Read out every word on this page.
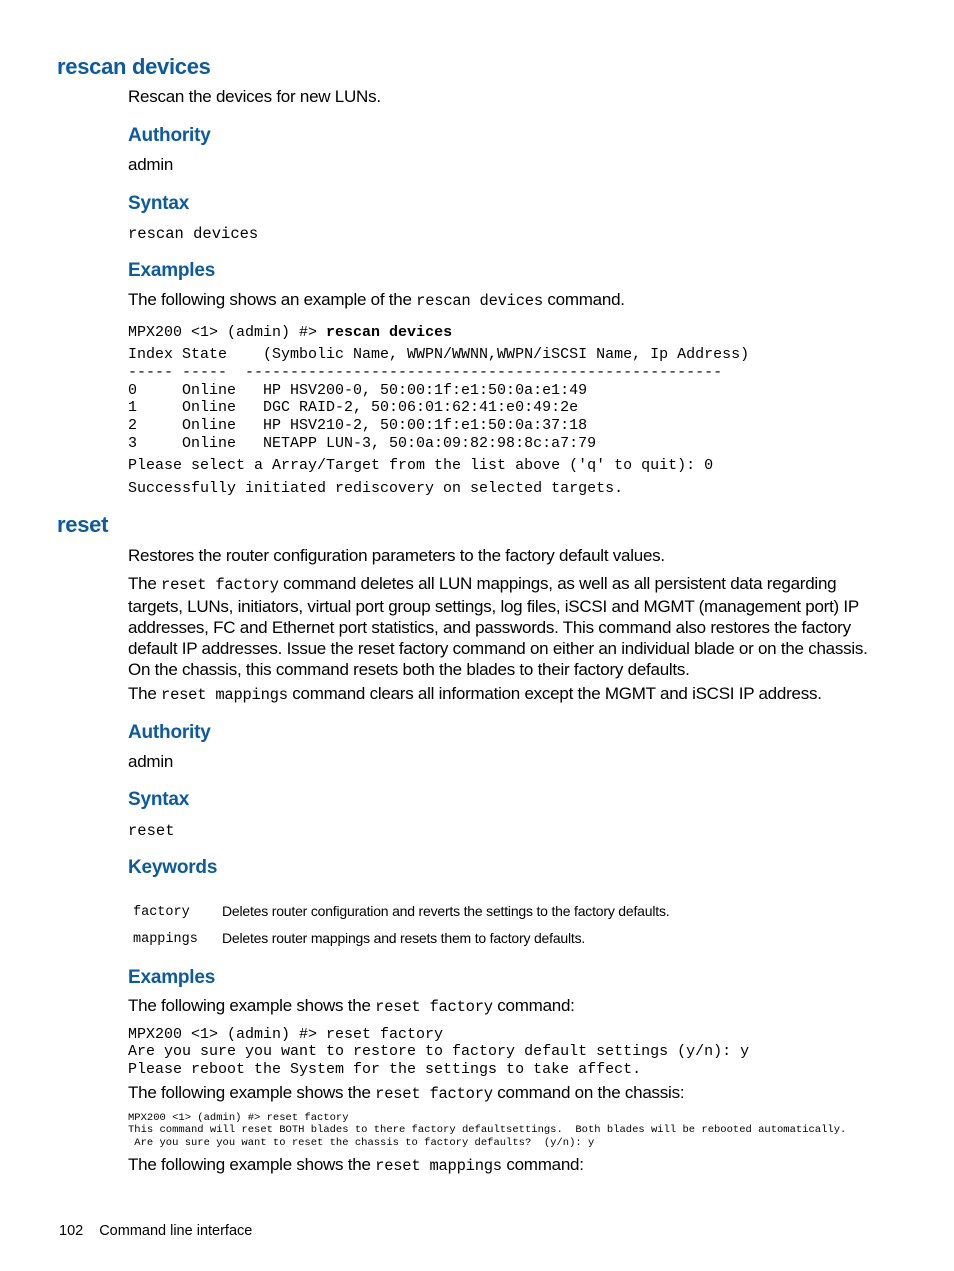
rescan devices

Rescan the devices for new LUNs.

Authority

admin

Syntax

rescan devices

Examples

The following shows an example of the rescan devices command.

MPX200 <1> (admin) #> rescan devices
Index State    (Symbolic Name, WWPN/WWNN,WWPN/iSCSI Name, Ip Address)
----- -----  -----------------------------------------------------
0     Online   HP HSV200-0, 50:00:1f:e1:50:0a:e1:49
1     Online   DGC RAID-2, 50:06:01:62:41:e0:49:2e
2     Online   HP HSV210-2, 50:00:1f:e1:50:0a:37:18
3     Online   NETAPP LUN-3, 50:0a:09:82:98:8c:a7:79
Please select a Array/Target from the list above ('q' to quit): 0
Successfully initiated rediscovery on selected targets.
reset

Restores the router configuration parameters to the factory default values.

The reset factory command deletes all LUN mappings, as well as all persistent data regarding targets, LUNs, initiators, virtual port group settings, log files, iSCSI and MGMT (management port) IP addresses, FC and Ethernet port statistics, and passwords. This command also restores the factory default IP addresses. Issue the reset factory command on either an individual blade or on the chassis. On the chassis, this command resets both the blades to their factory defaults.

The reset mappings command clears all information except the MGMT and iSCSI IP address.

Authority

admin

Syntax

reset

Keywords
factory Deletes router configuration and reverts the settings to the factory defaults.
mappings Deletes router mappings and resets them to factory defaults.
Examples

The following example shows the reset factory command:

MPX200 <1> (admin) #> reset factory
Are you sure you want to restore to factory default settings (y/n): y
Please reboot the System for the settings to take affect.

The following example shows the reset factory command on the chassis:

MPX200 <1> (admin) #> reset factory
This command will reset BOTH blades to there factory defaultsettings.  Both blades will be rebooted automatically.
Are you sure you want to reset the chassis to factory defaults?  (y/n): y

The following example shows the reset mappings command:

102 Command line interface
